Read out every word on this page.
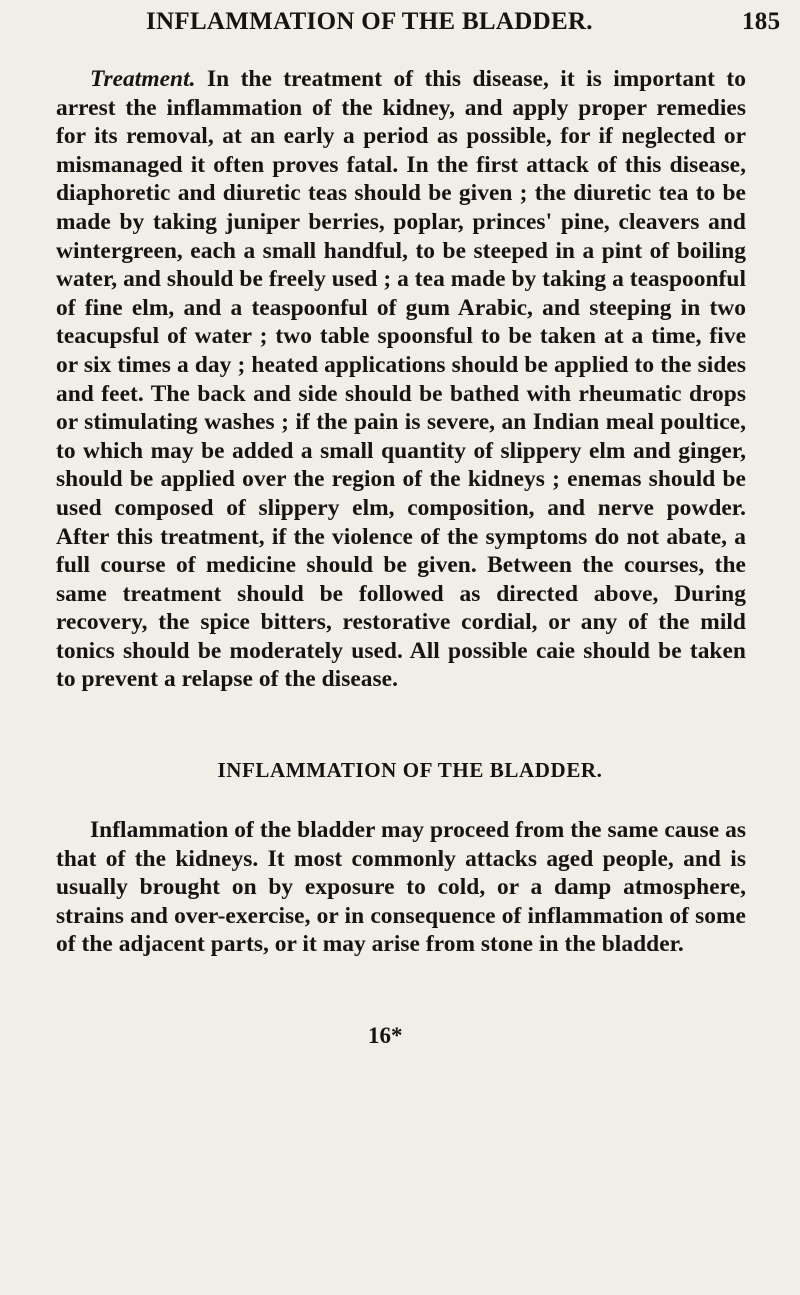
INFLAMMATION OF THE BLADDER.	185

Treatment. In the treatment of this disease, it is important to arrest the inflammation of the kidney, and apply proper remedies for its removal, at an early a period as possible, for if neglected or mismanaged it often proves fatal. In the first attack of this disease, diaphoretic and diuretic teas should be given ; the diuretic tea to be made by taking juniper berries, poplar, princes' pine, cleavers and wintergreen, each a small handful, to be steeped in a pint of boiling water, and should be freely used ; a tea made by taking a teaspoonful of fine elm, and a teaspoonful of gum Arabic, and steeping in two teacupsful of water ; two table spoonsful to be taken at a time, five or six times a day ; heated applications should be applied to the sides and feet. The back and side should be bathed with rheumatic drops or stimulating washes ; if the pain is severe, an Indian meal poultice, to which may be added a small quantity of slippery elm and ginger, should be applied over the region of the kidneys ; enemas should be used composed of slippery elm, composition, and nerve powder. After this treatment, if the violence of the symptoms do not abate, a full course of medicine should be given. Between the courses, the same treatment should be followed as directed above, During recovery, the spice bitters, restorative cordial, or any of the mild tonics should be moderately used. All possible caie should be taken to prevent a relapse of the disease.

INFLAMMATION OF THE BLADDER.

Inflammation of the bladder may proceed from the same cause as that of the kidneys. It most commonly attacks aged people, and is usually brought on by exposure to cold, or a damp atmosphere, strains and over-exercise, or in consequence of inflammation of some of the adjacent parts, or it may arise from stone in the bladder.

16*
